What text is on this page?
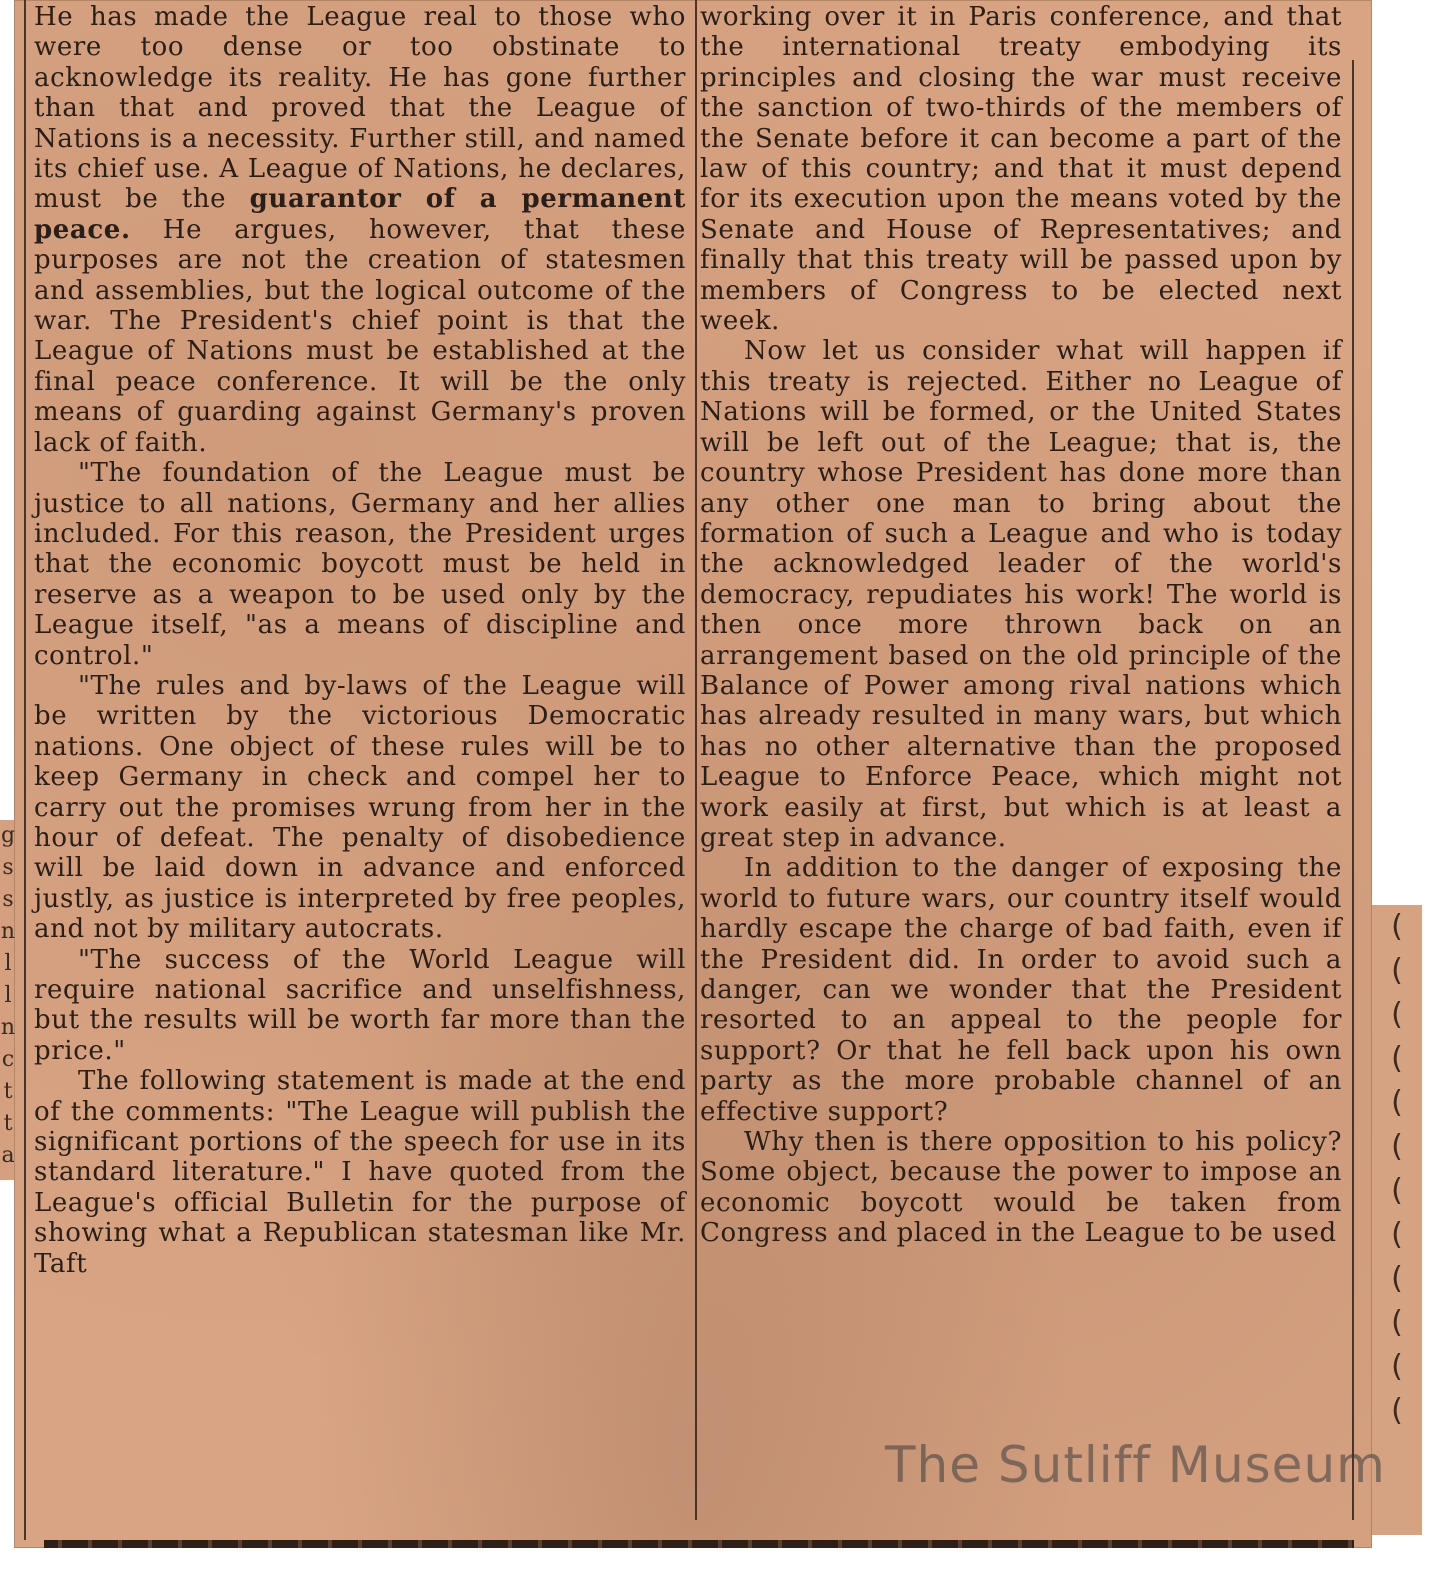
(
(
(
(
(
(
(
(
(
(
(
(
g
s
s
n
l
l
n
c
t
t
a

He has made the League real to those who were too dense or too obstinate to acknowledge its reality. He has gone further than that and proved that the League of Nations is a necessity. Further still, and named its chief use. A League of Nations, he declares, must be the guarantor of a permanent peace. He argues, however, that these purposes are not the creation of statesmen and assemblies, but the logical outcome of the war. The President's chief point is that the League of Nations must be established at the final peace conference. It will be the only means of guarding against Germany's proven lack of faith.

"The foundation of the League must be justice to all nations, Germany and her allies included. For this reason, the President urges that the economic boycott must be held in reserve as a weapon to be used only by the League itself, "as a means of discipline and control."

"The rules and by-laws of the League will be written by the victorious Democratic nations. One object of these rules will be to keep Germany in check and compel her to carry out the promises wrung from her in the hour of defeat. The penalty of disobedience will be laid down in advance and enforced justly, as justice is interpreted by free peoples, and not by military autocrats.

"The success of the World League will require national sacrifice and unselfishness, but the results will be worth far more than the price."

The following statement is made at the end of the comments: "The League will publish the significant portions of the speech for use in its standard literature." I have quoted from the League's official Bulletin for the purpose of showing what a Republican statesman like Mr. Taft

working over it in Paris conference, and that the international treaty embodying its principles and closing the war must receive the sanction of two-thirds of the members of the Senate before it can become a part of the law of this country; and that it must depend for its execution upon the means voted by the Senate and House of Representatives; and finally that this treaty will be passed upon by members of Congress to be elected next week.

Now let us consider what will happen if this treaty is rejected. Either no League of Nations will be formed, or the United States will be left out of the League; that is, the country whose President has done more than any other one man to bring about the formation of such a League and who is today the acknowledged leader of the world's democracy, repudiates his work! The world is then once more thrown back on an arrangement based on the old principle of the Balance of Power among rival nations which has already resulted in many wars, but which has no other alternative than the proposed League to Enforce Peace, which might not work easily at first, but which is at least a great step in advance.

In addition to the danger of exposing the world to future wars, our country itself would hardly escape the charge of bad faith, even if the President did. In order to avoid such a danger, can we wonder that the President resorted to an appeal to the people for support? Or that he fell back upon his own party as the more probable channel of an effective support?

Why then is there opposition to his policy? Some object, because the power to impose an economic boycott would be taken from Congress and placed in the League to be used

The Sutliff Museum
